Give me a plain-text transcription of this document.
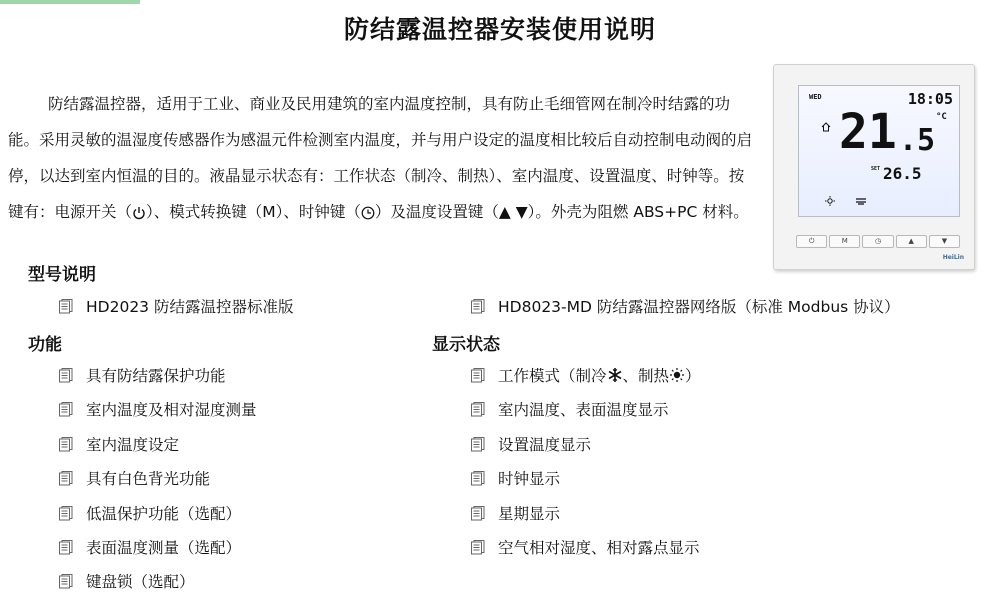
防结露温控器安装使用说明

防结露温控器，适用于工业、商业及民用建筑的室内温度控制，具有防止毛细管网在制冷时结露的功能。采用灵敏的温湿度传感器作为感温元件检测室内温度，并与用户设定的温度相比较后自动控制电动阀的启停，以达到室内恒温的目的。液晶显示状态有：工作状态（制冷、制热）、室内温度、设置温度、时钟等。按键有：电源开关（ ）、模式转换键（M）、时钟键（ ）及温度设置键（▲ ▼）。外壳为阻燃 ABS+PC 材料。

WED	18:05
21 .5
°C
SET 26.5
⏻	M	◷	▲	▼
HeiLin
型号说明
HD2023 防结露温控器标准版	HD8023-MD 防结露温控器网络版（标准 Modbus 协议）
功能
具有防结露保护功能
室内温度及相对湿度测量
室内温度设定
具有白色背光功能
低温保护功能（选配）
表面温度测量（选配）
键盘锁（选配）
显示状态
工作模式（制冷 、制热 ）
室内温度、表面温度显示
设置温度显示
时钟显示
星期显示
空气相对湿度、相对露点显示
